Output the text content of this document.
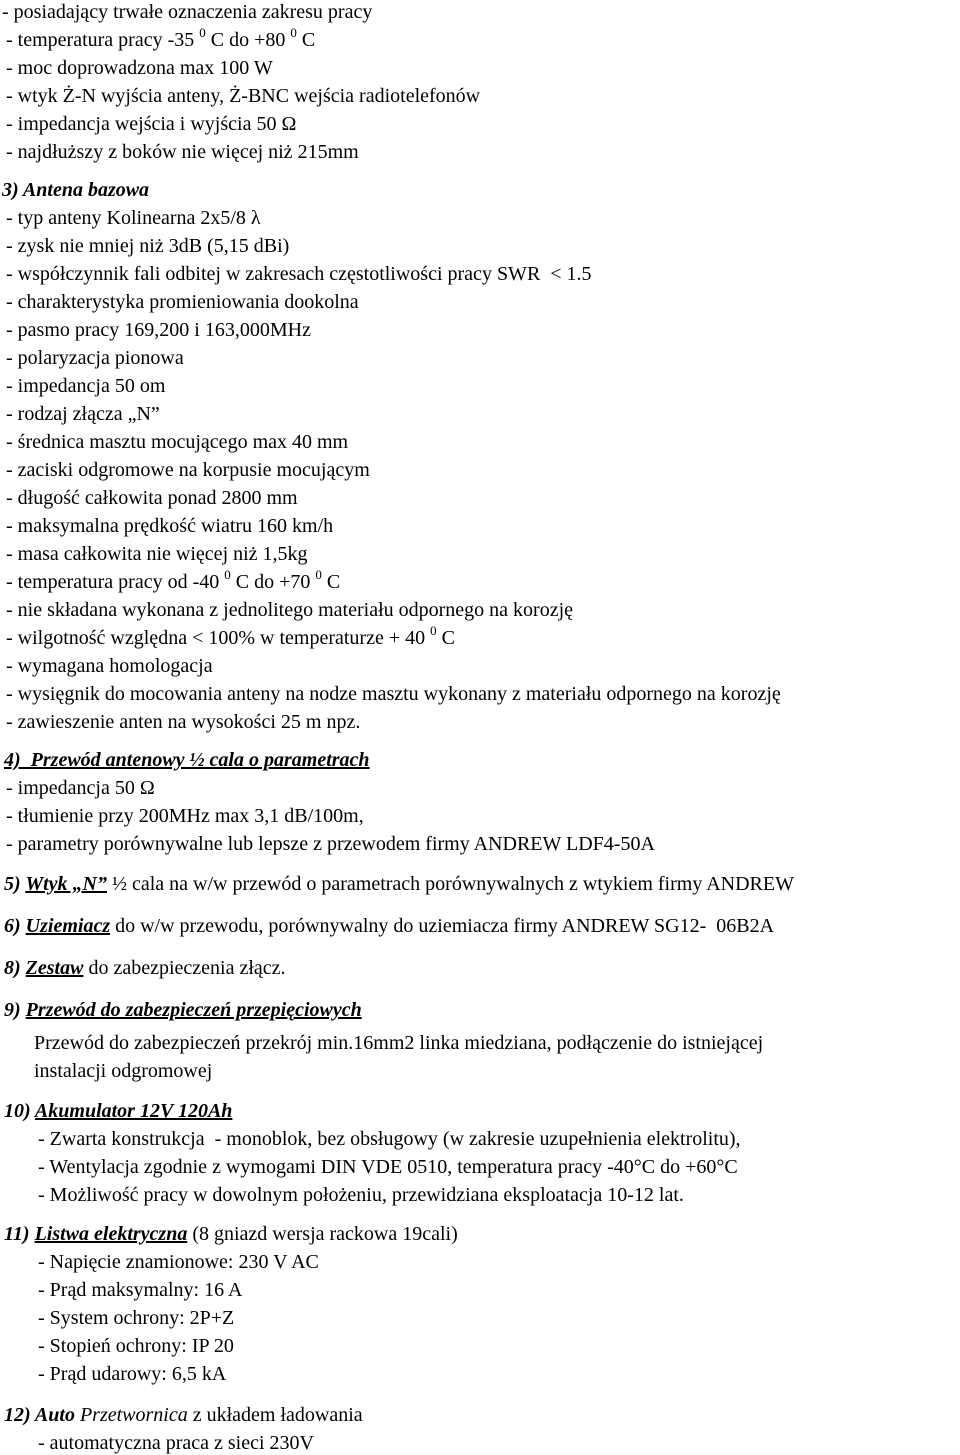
- posiadający trwałe oznaczenia zakresu pracy
- temperatura pracy -35 $^0$ C do +80 $^0$ C
- moc doprowadzona max 100 W
- wtyk Ż-N wyjścia anteny, Ż-BNC wejścia radiotelefonów
- impedancja wejścia i wyjścia 50 Ω
- najdłuższy z boków nie więcej niż 215mm
3) Antena bazowa
- typ anteny Kolinearna 2x5/8 λ
- zysk nie mniej niż 3dB (5,15 dBi)
- współczynnik fali odbitej w zakresach częstotliwości pracy SWR  < 1.5
- charakterystyka promieniowania dookolna
- pasmo pracy 169,200 i 163,000MHz
- polaryzacja pionowa
- impedancja 50 om
- rodzaj złącza „N”
- średnica masztu mocującego max 40 mm
- zaciski odgromowe na korpusie mocującym
- długość całkowita ponad 2800 mm
- maksymalna prędkość wiatru 160 km/h
- masa całkowita nie więcej niż 1,5kg
- temperatura pracy od -40 $^0$ C do +70 $^0$ C
- nie składana wykonana z jednolitego materiału odpornego na korozję
- wilgotność względna < 100% w temperaturze + 40 $^0$ C
- wymagana homologacja
- wysięgnik do mocowania anteny na nodze masztu wykonany z materiału odpornego na korozję
- zawieszenie anten na wysokości 25 m npz.
4)  Przewód antenowy ½ cala o parametrach
- impedancja 50 Ω
- tłumienie przy 200MHz max 3,1 dB/100m,
- parametry porównywalne lub lepsze z przewodem firmy ANDREW LDF4-50A
5) Wtyk „N” ½ cala na w/w przewód o parametrach porównywalnych z wtykiem firmy ANDREW
6) Uziemiacz do w/w przewodu, porównywalny do uziemiacza firmy ANDREW SG12-  06B2A
8) Zestaw do zabezpieczenia złącz.
9) Przewód do zabezpieczeń przepięciowych
Przewód do zabezpieczeń przekrój min.16mm2 linka miedziana, podłączenie do istniejącej
instalacji odgromowej
10) Akumulator 12V 120Ah
- Zwarta konstrukcja  - monoblok, bez obsługowy (w zakresie uzupełnienia elektrolitu),
- Wentylacja zgodnie z wymogami DIN VDE 0510, temperatura pracy -40°C do +60°C
- Możliwość pracy w dowolnym położeniu, przewidziana eksploatacja 10-12 lat.
11) Listwa elektryczna (8 gniazd wersja rackowa 19cali)
- Napięcie znamionowe: 230 V AC
- Prąd maksymalny: 16 A
- System ochrony: 2P+Z
- Stopień ochrony: IP 20
- Prąd udarowy: 6,5 kA
12) Auto Przetwornica z układem ładowania
- automatyczna praca z sieci 230V
